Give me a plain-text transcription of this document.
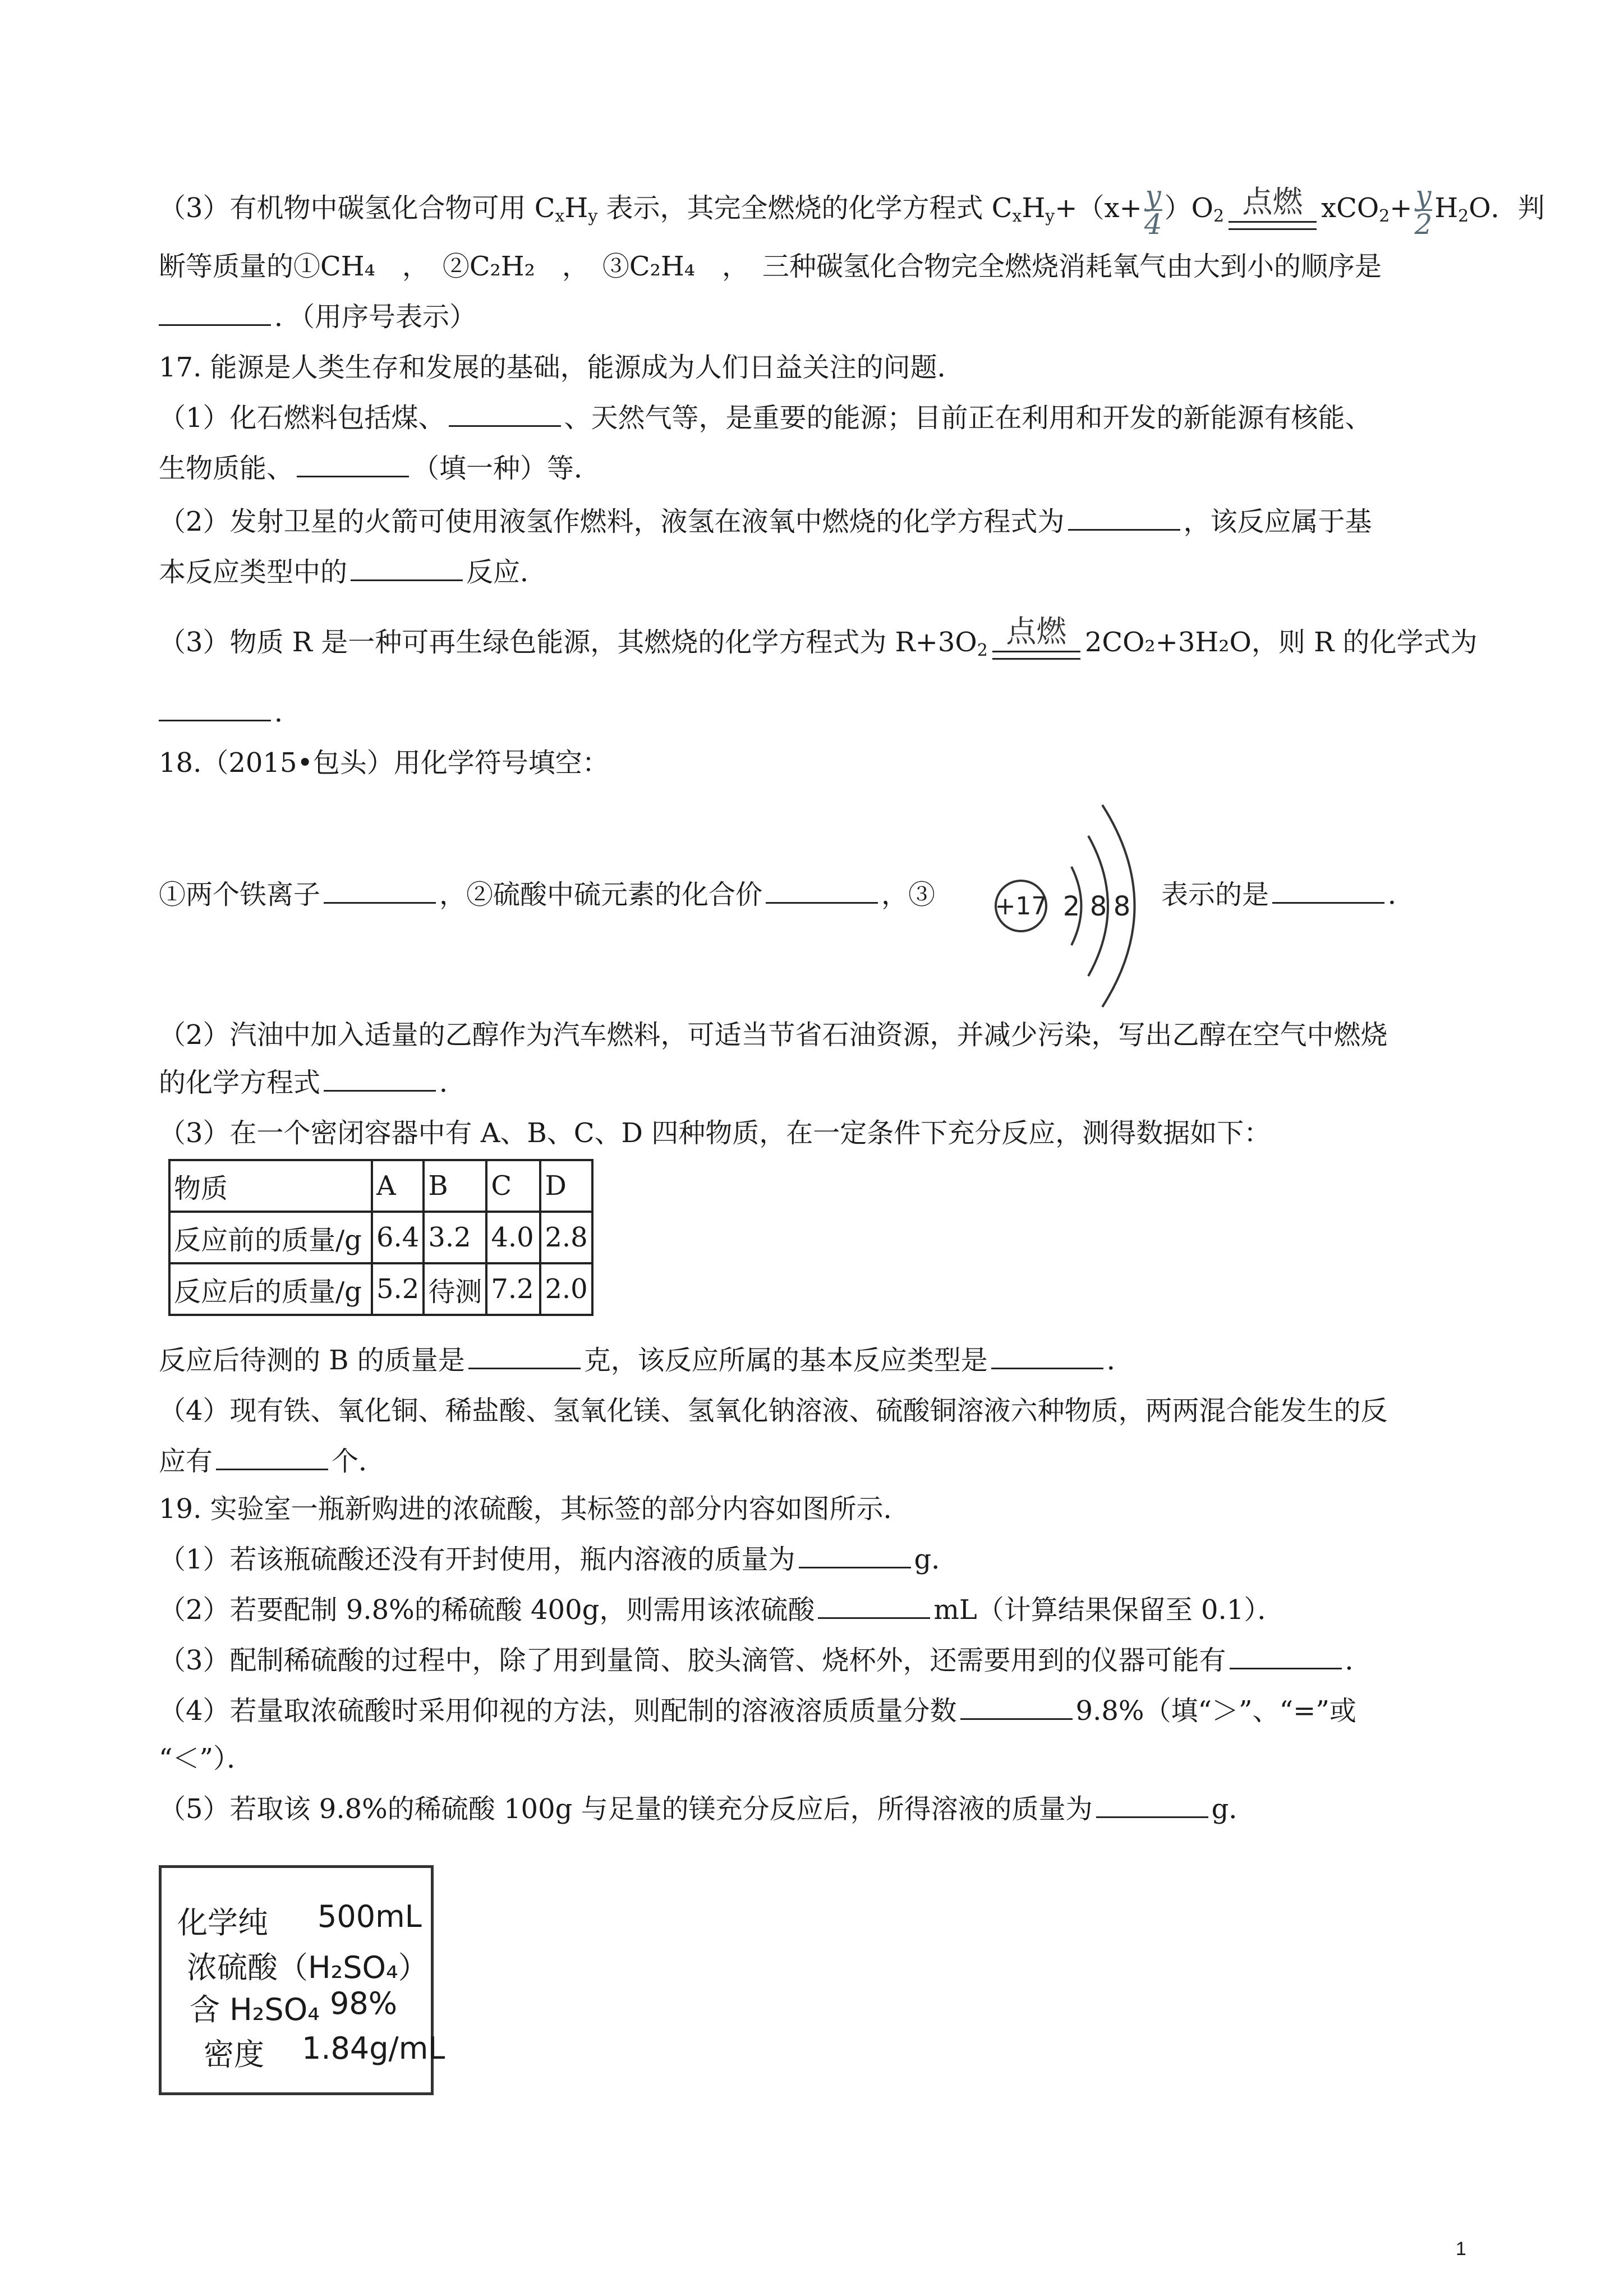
（3）有机物中碳氢化合物可用 $C_xH_y$ 表示，其完全燃烧的化学方程式 $C_xH_y+(x+ \frac{y}{4} )O_2$ 点燃 $xCO_2+ \frac{y}{2} H_2O$．判
断等质量的①CH₄　，　②C₂H₂　，　③C₂H₄　，　三种碳氢化合物完全燃烧消耗氧气由大到小的顺序是
．（用序号表示）
17. 能源是人类生存和发展的基础，能源成为人们日益关注的问题．
（1）化石燃料包括煤、	、天然气等，是重要的能源；目前正在利用和开发的新能源有核能、
生物质能、	（填一种）等．
（2）发射卫星的火箭可使用液氢作燃料，液氢在液氧中燃烧的化学方程式为	，该反应属于基
本反应类型中的	反应．
（3）物质 R 是一种可再生绿色能源，其燃烧的化学方程式为 $R+3O_2$
点燃 2CO₂+3H₂O，则 R 的化学式为
．
18.（2015•包头）用化学符号填空：
①两个铁离子	，②硫酸中硫元素的化合价	，③ +17 2 8 8 表示的是	．
（2）汽油中加入适量的乙醇作为汽车燃料，可适当节省石油资源，并减少污染，写出乙醇在空气中燃烧
的化学方程式	．
（3）在一个密闭容器中有 A、B、C、D 四种物质，在一定条件下充分反应，测得数据如下：
物质	A	B	C	D
反应前的质量/g	6.4	3.2	4.0	2.8
反应后的质量/g	5.2	待测	7.2	2.0
反应后待测的 B 的质量是	克，该反应所属的基本反应类型是	．
（4）现有铁、氧化铜、稀盐酸、氢氧化镁、氢氧化钠溶液、硫酸铜溶液六种物质，两两混合能发生的反
应有	个．
19. 实验室一瓶新购进的浓硫酸，其标签的部分内容如图所示．
（1）若该瓶硫酸还没有开封使用，瓶内溶液的质量为	g．
（2）若要配制 9.8%的稀硫酸 400g，则需用该浓硫酸	mL（计算结果保留至 0.1）．
（3）配制稀硫酸的过程中，除了用到量筒、胶头滴管、烧杯外，还需要用到的仪器可能有	．
（4）若量取浓硫酸时采用仰视的方法，则配制的溶液溶质质量分数	9.8%（填“＞”、“=”或
“＜”）．
（5）若取该 9.8%的稀硫酸 100g 与足量的镁充分反应后，所得溶液的质量为	g．
化学纯 500mL
浓硫酸（H₂SO₄）
含 H₂SO₄ 98%
密度 1.84g/mL
1
